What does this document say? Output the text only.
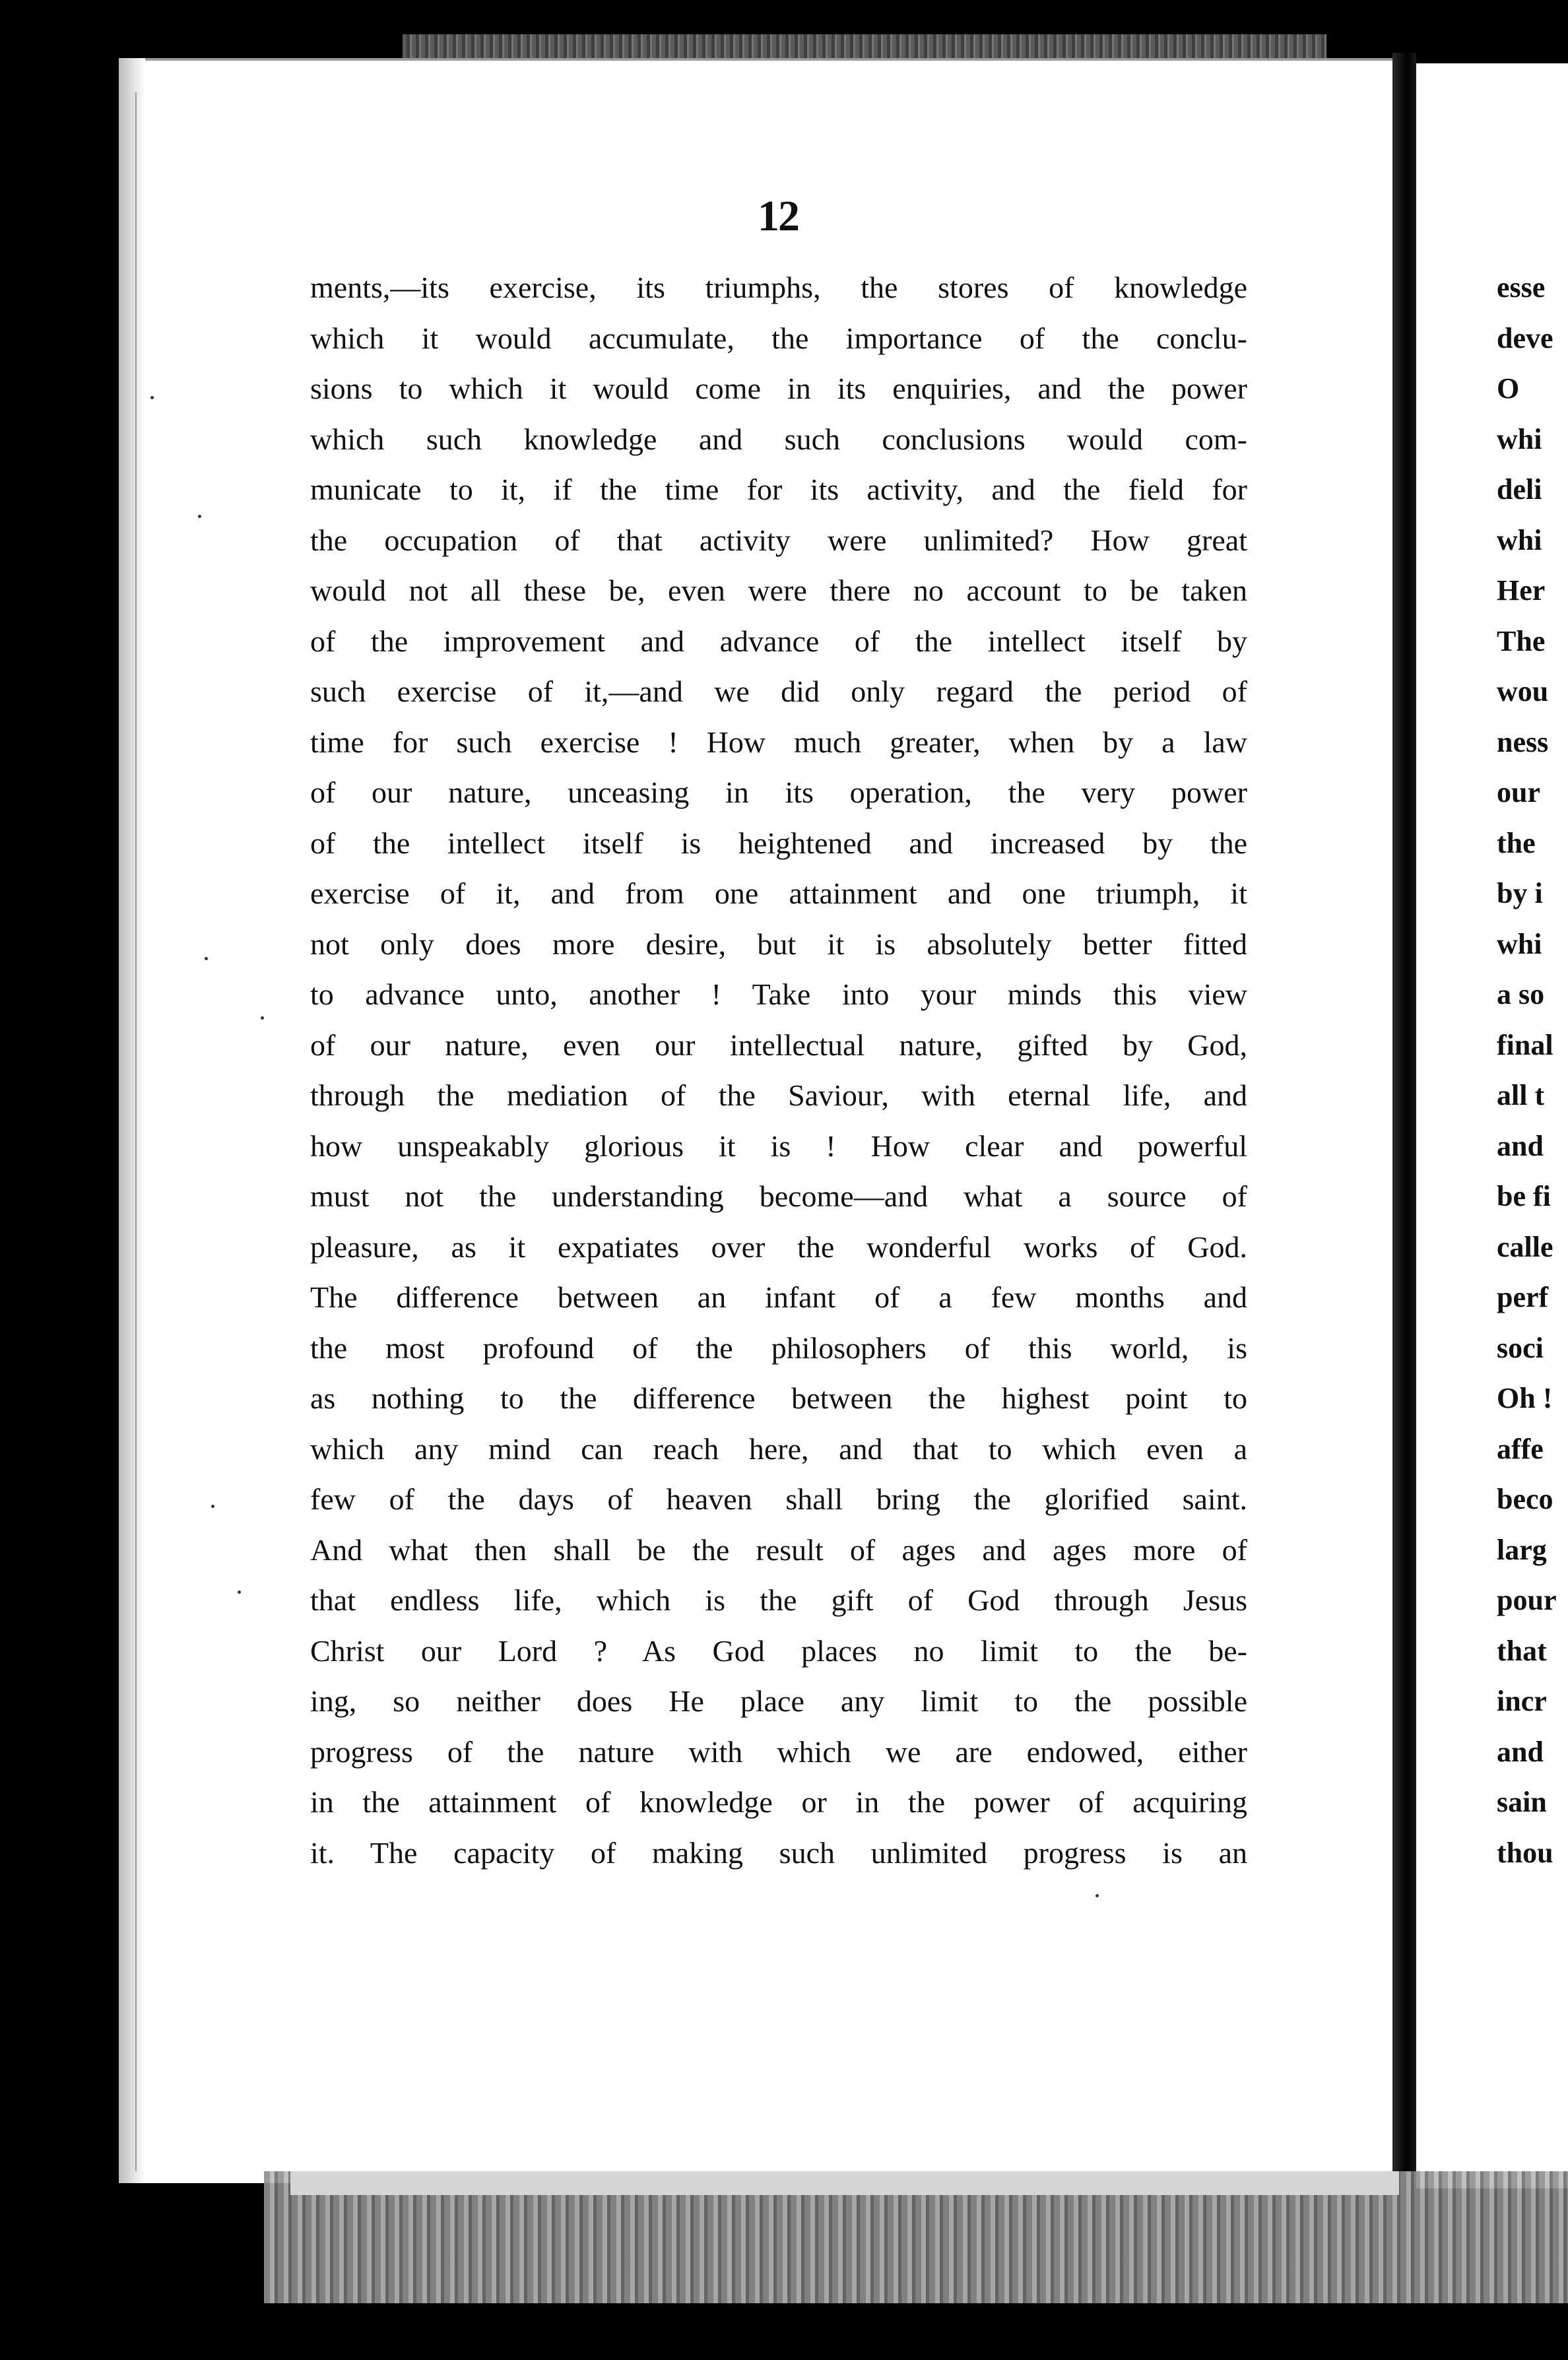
12
ments,—its exercise, its triumphs, the stores of knowledge
which it would accumulate, the importance of the conclu-
sions to which it would come in its enquiries, and the power
which such knowledge and such conclusions would com-
municate to it, if the time for its activity, and the field for
the occupation of that activity were unlimited? How great
would not all these be, even were there no account to be taken
of the improvement and advance of the intellect itself by
such exercise of it,—and we did only regard the period of
time for such exercise ! How much greater, when by a law
of our nature, unceasing in its operation, the very power
of the intellect itself is heightened and increased by the
exercise of it, and from one attainment and one triumph, it
not only does more desire, but it is absolutely better fitted
to advance unto, another ! Take into your minds this view
of our nature, even our intellectual nature, gifted by God,
through the mediation of the Saviour, with eternal life, and
how unspeakably glorious it is ! How clear and powerful
must not the understanding become—and what a source of
pleasure, as it expatiates over the wonderful works of God.
The difference between an infant of a few months and
the most profound of the philosophers of this world, is
as nothing to the difference between the highest point to
which any mind can reach here, and that to which even a
few of the days of heaven shall bring the glorified saint.
And what then shall be the result of ages and ages more of
that endless life, which is the gift of God through Jesus
Christ our Lord ? As God places no limit to the be-
ing, so neither does He place any limit to the possible
progress of the nature with which we are endowed, either
in the attainment of knowledge or in the power of acquiring
it. The capacity of making such unlimited progress is an
esse
deve
O
whi
deli
whi
Her
The
wou
ness
our
the
by i
whi
a so
final
all t
and
be fi
calle
perf
soci
Oh !
affe
beco
larg
pour
that
incr
and
sain
thou
